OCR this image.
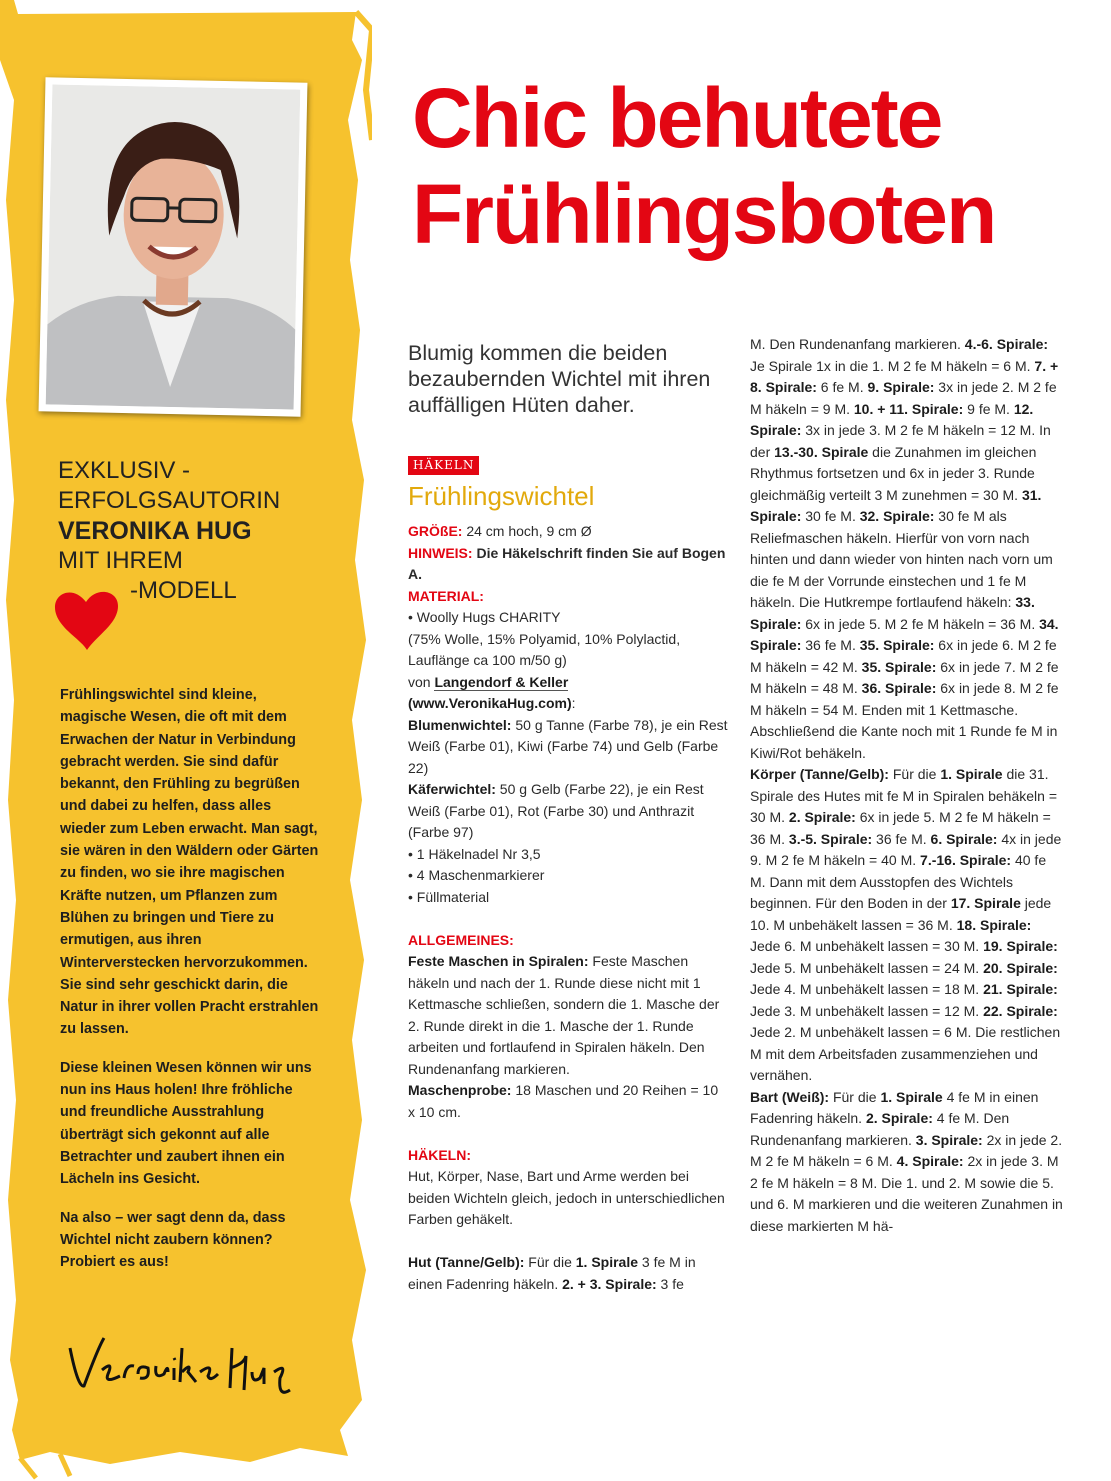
EXKLUSIV -
ERFOLGSAUTORIN
VERONIKA HUG
MIT IHREM
-MODELL

Frühlingswichtel sind kleine, magische Wesen, die oft mit dem Erwachen der Natur in Verbindung gebracht werden. Sie sind dafür bekannt, den Frühling zu begrüßen und dabei zu helfen, dass alles wieder zum Leben erwacht. Man sagt, sie wären in den Wäldern oder Gärten zu finden, wo sie ihre magischen Kräfte nutzen, um Pflanzen zum Blühen zu bringen und Tiere zu ermutigen, aus ihren Winterverstecken hervorzukommen. Sie sind sehr geschickt darin, die Natur in ihrer vollen Pracht erstrahlen zu lassen.

Diese kleinen Wesen können wir uns nun ins Haus holen! Ihre fröhliche und freundliche Ausstrahlung überträgt sich gekonnt auf alle Betrachter und zaubert ihnen ein Lächeln ins Gesicht.

Na also – wer sagt denn da, dass Wichtel nicht zaubern können? Probiert es aus!

Chic behutete
Frühlingsboten
Blumig kommen die beiden bezaubernden Wichtel mit ihren auffälligen Hüten daher.
HÄKELN
Frühlingswichtel

GRÖßE: 24 cm hoch, 9 cm Ø

HINWEIS: Die Häkelschrift finden Sie auf Bogen A.

MATERIAL:

• Woolly Hugs CHARITY

(75% Wolle, 15% Polyamid, 10% Polylactid, Lauflänge ca 100 m/50 g)

von Langendorf & Keller

(www.VeronikaHug.com):

Blumenwichtel: 50 g Tanne (Farbe 78), je ein Rest Weiß (Farbe 01), Kiwi (Farbe 74) und Gelb (Farbe 22)

Käferwichtel: 50 g Gelb (Farbe 22), je ein Rest Weiß (Farbe 01), Rot (Farbe 30) und Anthrazit (Farbe 97)

• 1 Häkelnadel Nr 3,5

• 4 Maschenmarkierer

• Füllmaterial

ALLGEMEINES:

Feste Maschen in Spiralen: Feste Maschen häkeln und nach der 1. Runde diese nicht mit 1 Kettmasche schließen, sondern die 1. Masche der 2. Runde direkt in die 1. Masche der 1. Runde arbeiten und fortlaufend in Spiralen häkeln. Den Rundenanfang markieren.

Maschenprobe: 18 Maschen und 20 Reihen = 10 x 10 cm.

HÄKELN:

Hut, Körper, Nase, Bart und Arme werden bei beiden Wichteln gleich, jedoch in unterschiedlichen Farben gehäkelt.

Hut (Tanne/Gelb): Für die 1. Spirale 3 fe M in einen Fadenring häkeln. 2. + 3. Spirale: 3 fe

M. Den Rundenanfang markieren. 4.-6. Spirale: Je Spirale 1x in die 1. M 2 fe M häkeln = 6 M. 7. + 8. Spirale: 6 fe M. 9. Spirale: 3x in jede 2. M 2 fe M häkeln = 9 M. 10. + 11. Spirale: 9 fe M. 12. Spirale: 3x in jede 3. M 2 fe M häkeln = 12 M. In der 13.-30. Spirale die Zunahmen im gleichen Rhythmus fortsetzen und 6x in jeder 3. Runde gleichmäßig verteilt 3 M zunehmen = 30 M. 31. Spirale: 30 fe M. 32. Spirale: 30 fe M als Reliefmaschen häkeln. Hierfür von vorn nach hinten und dann wieder von hinten nach vorn um die fe M der Vorrunde einstechen und 1 fe M häkeln. Die Hutkrempe fortlaufend häkeln: 33. Spirale: 6x in jede 5. M 2 fe M häkeln = 36 M. 34. Spirale: 36 fe M. 35. Spirale: 6x in jede 6. M 2 fe M häkeln = 42 M. 35. Spirale: 6x in jede 7. M 2 fe M häkeln = 48 M. 36. Spirale: 6x in jede 8. M 2 fe M häkeln = 54 M. Enden mit 1 Kettmasche. Abschließend die Kante noch mit 1 Runde fe M in Kiwi/Rot behäkeln.

Körper (Tanne/Gelb): Für die 1. Spirale die 31. Spirale des Hutes mit fe M in Spiralen behäkeln = 30 M. 2. Spirale: 6x in jede 5. M 2 fe M häkeln = 36 M. 3.-5. Spirale: 36 fe M. 6. Spirale: 4x in jede 9. M 2 fe M häkeln = 40 M. 7.-16. Spirale: 40 fe M. Dann mit dem Ausstopfen des Wichtels beginnen. Für den Boden in der 17. Spirale jede 10. M unbehäkelt lassen = 36 M. 18. Spirale: Jede 6. M unbehäkelt lassen = 30 M. 19. Spirale: Jede 5. M unbehäkelt lassen = 24 M. 20. Spirale: Jede 4. M unbehäkelt lassen = 18 M. 21. Spirale: Jede 3. M unbehäkelt lassen = 12 M. 22. Spirale: Jede 2. M unbehäkelt lassen = 6 M. Die restlichen M mit dem Arbeitsfaden zusammenziehen und vernähen.

Bart (Weiß): Für die 1. Spirale 4 fe M in einen Fadenring häkeln. 2. Spirale: 4 fe M. Den Rundenanfang markieren. 3. Spirale: 2x in jede 2. M 2 fe M häkeln = 6 M. 4. Spirale: 2x in jede 3. M 2 fe M häkeln = 8 M. Die 1. und 2. M sowie die 5. und 6. M markieren und die weiteren Zunahmen in diese markierten M hä-
